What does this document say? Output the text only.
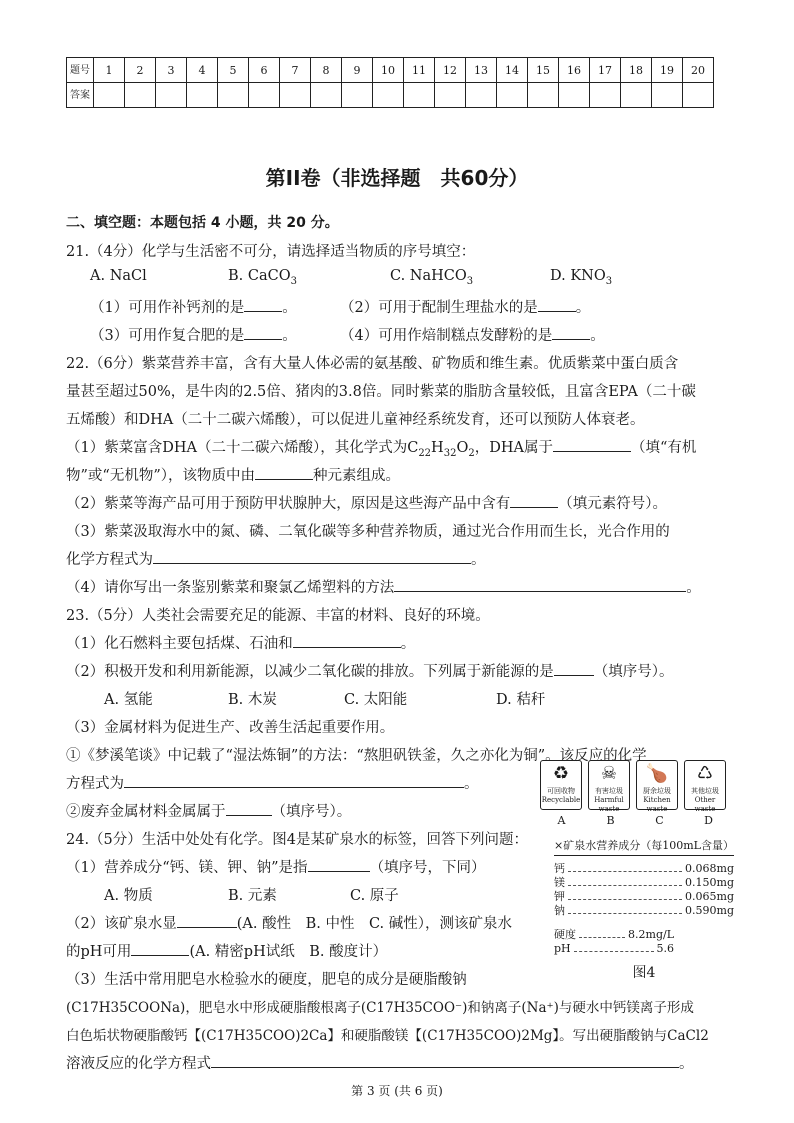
题号	1	2	3	4	5	6	7	8	9	10	11	12	13	14	15	16	17	18	19	20
答案																				
第II卷（非选择题　共60分）
二、填空题：本题包括 4 小题，共 20 分。
21.（4分）化学与生活密不可分，请选择适当物质的序号填空：
A. NaCl	B. CaCO$_3$	C. NaHCO$_3$	D. $KNO_3$
（1）可用作补钙剂的是	。	（2）可用于配制生理盐水的是	。
（3）可用作复合肥的是	。	（4）可用作焙制糕点发酵粉的是	。
22.（6分）紫菜营养丰富，含有大量人体必需的氨基酸、矿物质和维生素。优质紫菜中蛋白质含
量甚至超过50%，是牛肉的2.5倍、猪肉的3.8倍。同时紫菜的脂肪含量较低，且富含EPA（二十碳
五烯酸）和DHA（二十二碳六烯酸），可以促进儿童神经系统发育，还可以预防人体衰老。
（1）紫菜富含DHA（二十二碳六烯酸），其化学式为$C_{22}H_{32}O_2$，DHA属于	（填“有机
物”或“无机物”），该物质中由	种元素组成。
（2）紫菜等海产品可用于预防甲状腺肿大，原因是这些海产品中含有	（填元素符号）。
（3）紫菜汲取海水中的氮、磷、二氧化碳等多种营养物质，通过光合作用而生长，光合作用的
化学方程式为	。
（4）请你写出一条鉴别紫菜和聚氯乙烯塑料的方法	。
23.（5分）人类社会需要充足的能源、丰富的材料、良好的环境。
（1）化石燃料主要包括煤、石油和	。
（2）积极开发和利用新能源，以减少二氧化碳的排放。下列属于新能源的是	（填序号）。
A. 氢能	B. 木炭	C. 太阳能	D. 秸秆
（3）金属材料为促进生产、改善生活起重要作用。
①《梦溪笔谈》中记载了“湿法炼铜”的方法：“熬胆矾铁釜，久之亦化为铜”。该反应的化学
方程式为	。
②废弃金属材料金属属于	（填序号）。
♻
可回收物
Recyclable
☠
有害垃圾
Harmful waste
🍗
厨余垃圾
Kitchen waste
♺
其他垃圾
Other waste
A	B	C	D
24.（5分）生活中处处有化学。图4是某矿泉水的标签，回答下列问题：
（1）营养成分“钙、镁、钾、钠”是指	（填序号，下同）
A. 物质	B. 元素	C. 原子
（2）该矿泉水显	(A. 酸性　B. 中性　C. 碱性），测该矿泉水
的pH可用	(A. 精密pH试纸　B. 酸度计）
（3）生活中常用肥皂水检验水的硬度，肥皂的成分是硬脂酸钠
(C17H35COONa)，肥皂水中形成硬脂酸根离子(C17H35COO⁻)和钠离子(Na⁺)与硬水中钙镁离子形成
白色垢状物硬脂酸钙【(C17H35COO)2Ca】和硬脂酸镁【(C17H35COO)2Mg】。写出硬脂酸钠与CaCl2
溶液反应的化学方程式	。
×矿泉水营养成分（每100mL含量）
钙	0.068mg
镁	0.150mg
钾	0.065mg
钠	0.590mg
硬度	8.2mg/L
pH	5.6
图4
第 3 页 (共 6 页)
